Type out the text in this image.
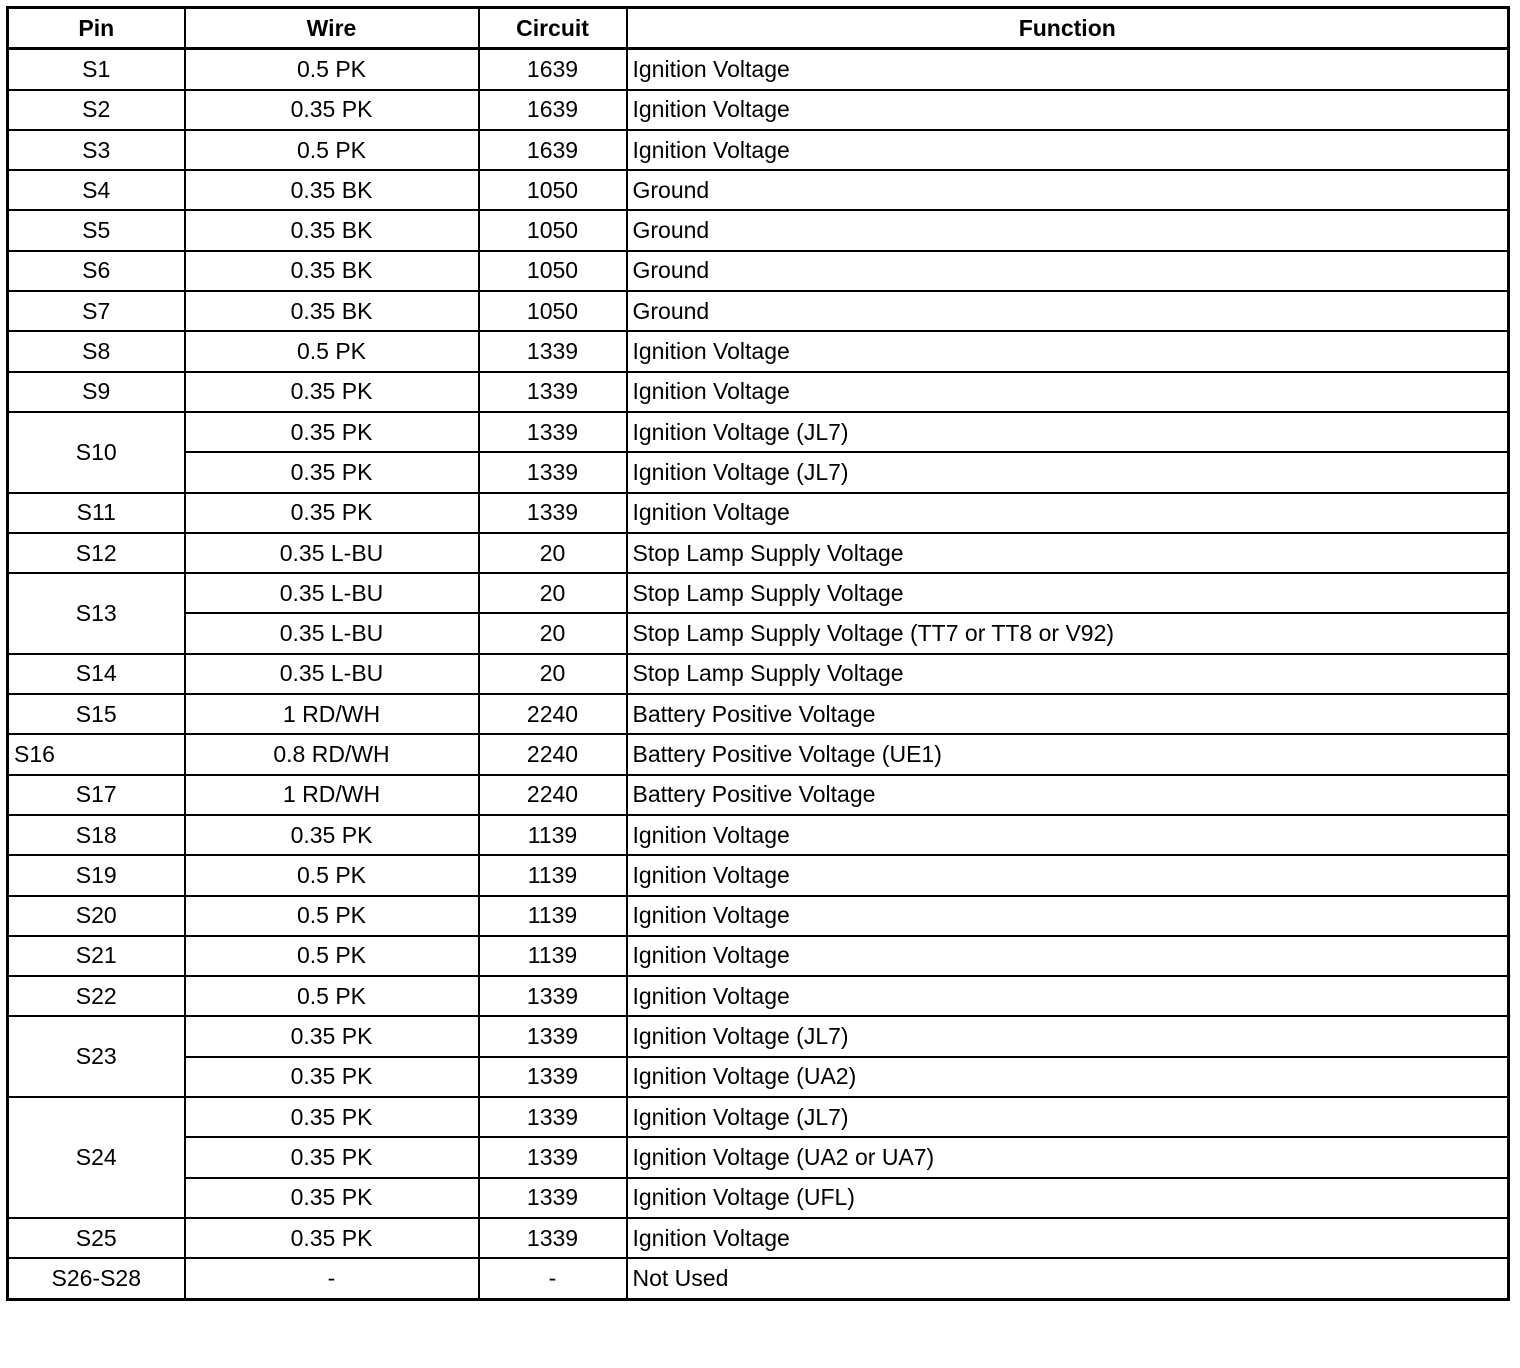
Pin	Wire	Circuit	Function
S1	0.5 PK	1639	Ignition Voltage
S2	0.35 PK	1639	Ignition Voltage
S3	0.5 PK	1639	Ignition Voltage
S4	0.35 BK	1050	Ground
S5	0.35 BK	1050	Ground
S6	0.35 BK	1050	Ground
S7	0.35 BK	1050	Ground
S8	0.5 PK	1339	Ignition Voltage
S9	0.35 PK	1339	Ignition Voltage
S10	0.35 PK	1339	Ignition Voltage (JL7)
	0.35 PK	1339	Ignition Voltage (JL7)
S11	0.35 PK	1339	Ignition Voltage
S12	0.35 L-BU	20	Stop Lamp Supply Voltage
S13	0.35 L-BU	20	Stop Lamp Supply Voltage
	0.35 L-BU	20	Stop Lamp Supply Voltage (TT7 or TT8 or V92)
S14	0.35 L-BU	20	Stop Lamp Supply Voltage
S15	1 RD/WH	2240	Battery Positive Voltage
S16	0.8 RD/WH	2240	Battery Positive Voltage (UE1)
S17	1 RD/WH	2240	Battery Positive Voltage
S18	0.35 PK	1139	Ignition Voltage
S19	0.5 PK	1139	Ignition Voltage
S20	0.5 PK	1139	Ignition Voltage
S21	0.5 PK	1139	Ignition Voltage
S22	0.5 PK	1339	Ignition Voltage
S23	0.35 PK	1339	Ignition Voltage (JL7)
	0.35 PK	1339	Ignition Voltage (UA2)
S24	0.35 PK	1339	Ignition Voltage (JL7)
	0.35 PK	1339	Ignition Voltage (UA2 or UA7)
	0.35 PK	1339	Ignition Voltage (UFL)
S25	0.35 PK	1339	Ignition Voltage
S26-S28	-	-	Not Used
